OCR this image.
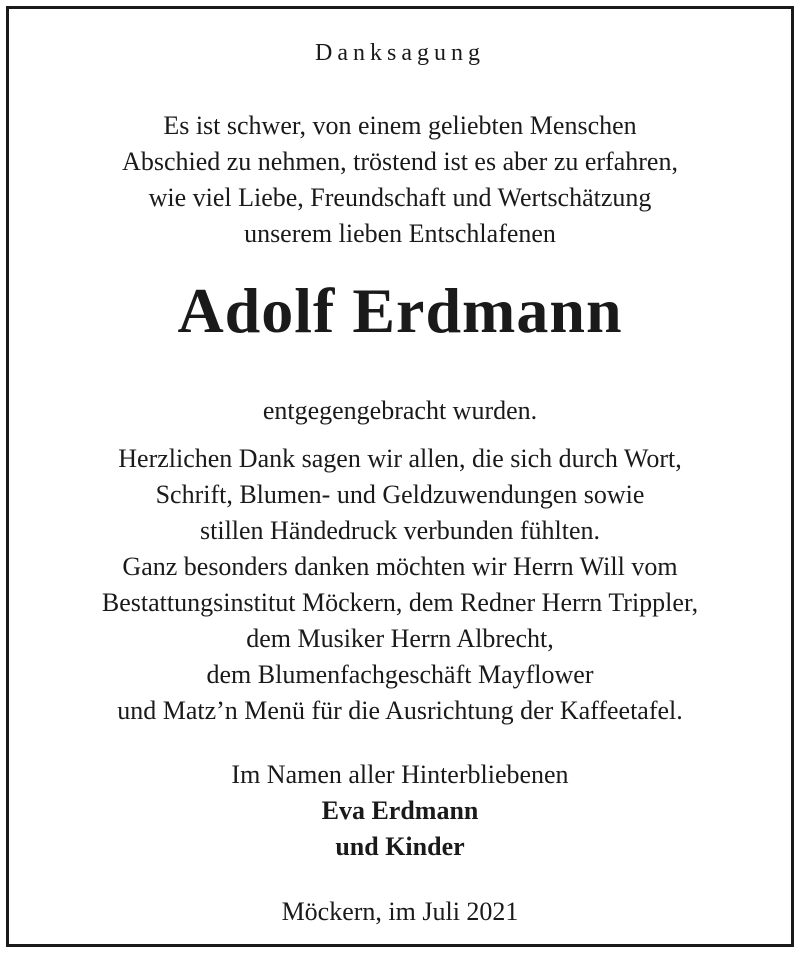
Danksagung
Es ist schwer, von einem geliebten Menschen
Abschied zu nehmen, tröstend ist es aber zu erfahren,
wie viel Liebe, Freundschaft und Wertschätzung
unserem lieben Entschlafenen
Adolf Erdmann
entgegengebracht wurden.
Herzlichen Dank sagen wir allen, die sich durch Wort,
Schrift, Blumen- und Geldzuwendungen sowie
stillen Händedruck verbunden fühlten.
Ganz besonders danken möchten wir Herrn Will vom
Bestattungsinstitut Möckern, dem Redner Herrn Trippler,
dem Musiker Herrn Albrecht,
dem Blumenfachgeschäft Mayflower
und Matz’n Menü für die Ausrichtung der Kaffeetafel.
Im Namen aller Hinterbliebenen
Eva Erdmann
und Kinder
Möckern, im Juli 2021
